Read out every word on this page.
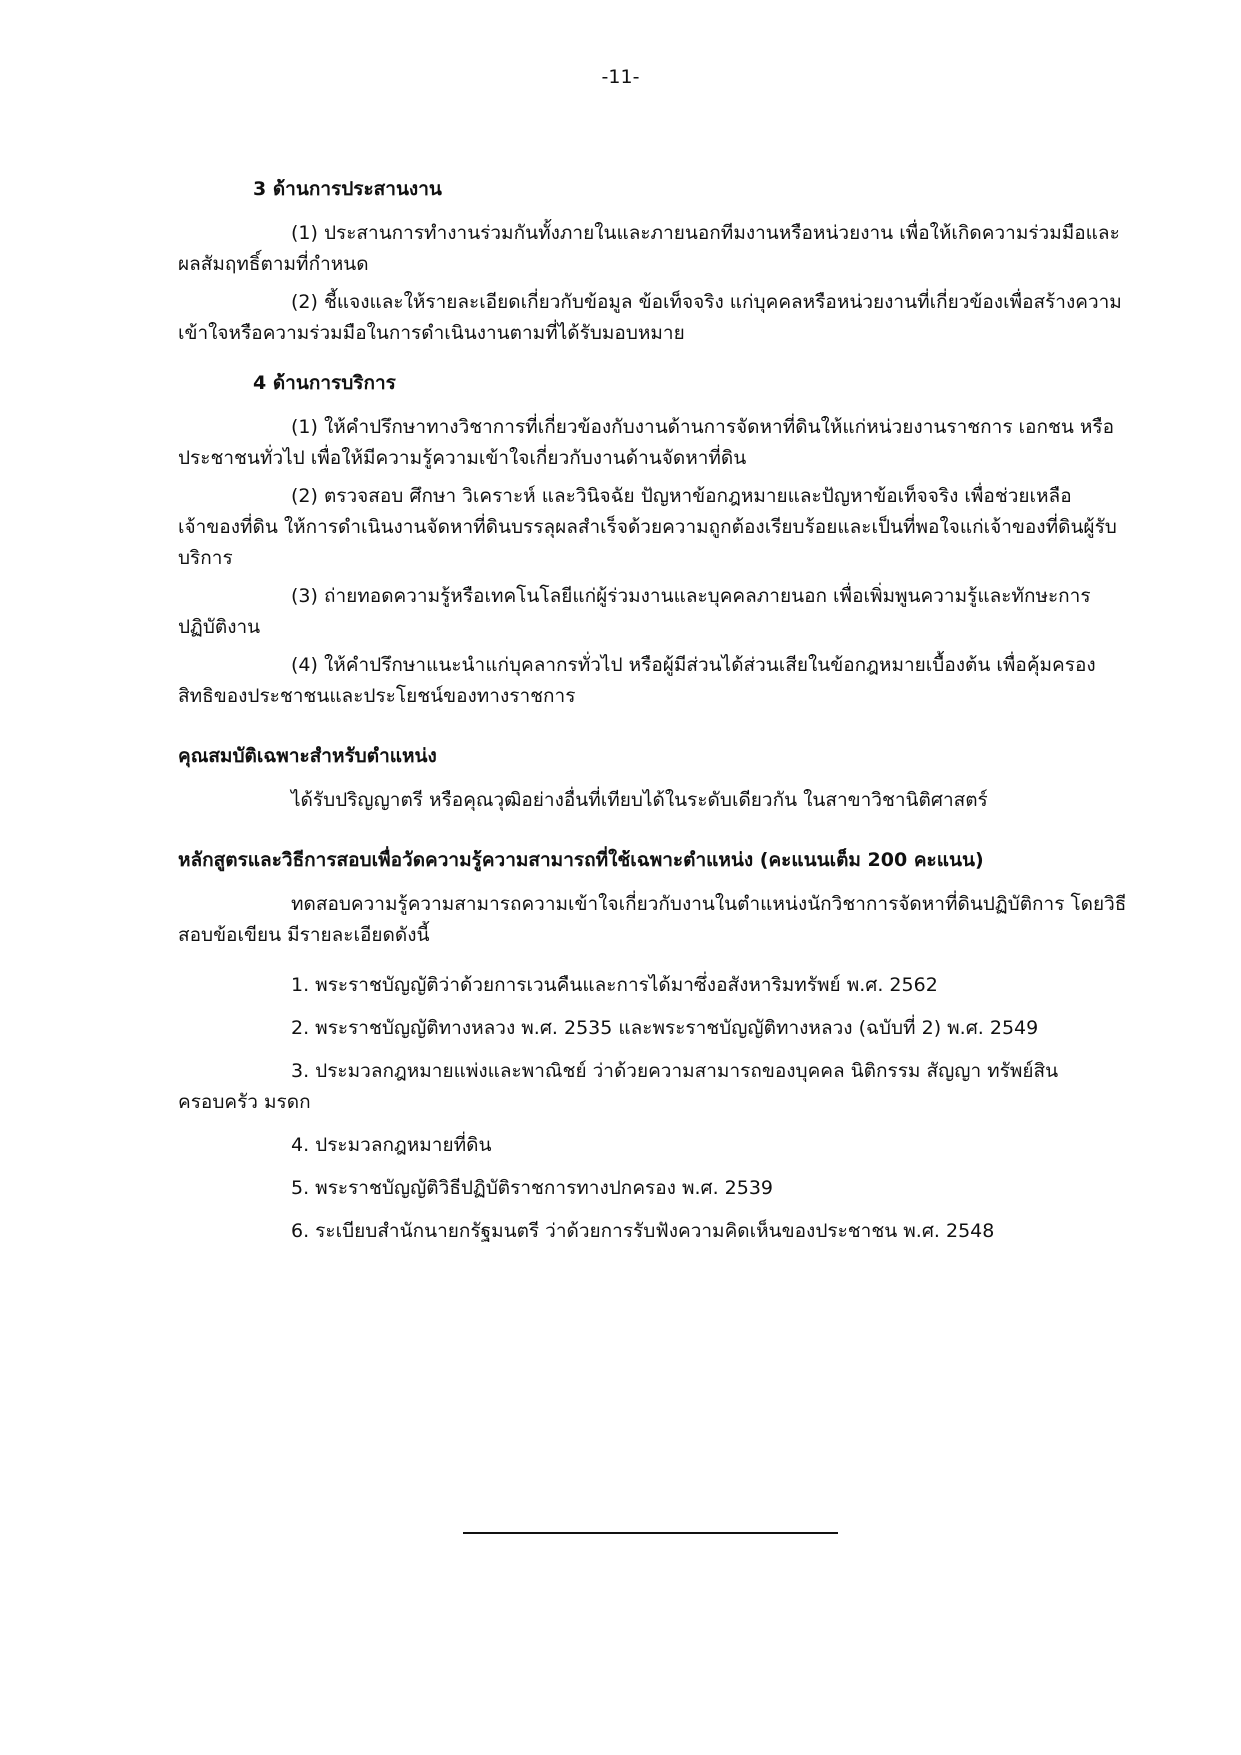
-11-
3 ด้านการประสานงาน
(1) ประสานการทำงานร่วมกันทั้งภายในและภายนอกทีมงานหรือหน่วยงาน เพื่อให้เกิดความร่วมมือและผลสัมฤทธิ์ตามที่กำหนด
(2) ชี้แจงและให้รายละเอียดเกี่ยวกับข้อมูล ข้อเท็จจริง แก่บุคคลหรือหน่วยงานที่เกี่ยวข้องเพื่อสร้างความเข้าใจหรือความร่วมมือในการดำเนินงานตามที่ได้รับมอบหมาย
4 ด้านการบริการ
(1) ให้คำปรึกษาทางวิชาการที่เกี่ยวข้องกับงานด้านการจัดหาที่ดินให้แก่หน่วยงานราชการ เอกชน หรือประชาชนทั่วไป เพื่อให้มีความรู้ความเข้าใจเกี่ยวกับงานด้านจัดหาที่ดิน
(2) ตรวจสอบ ศึกษา วิเคราะห์ และวินิจฉัย ปัญหาข้อกฎหมายและปัญหาข้อเท็จจริง เพื่อช่วยเหลือเจ้าของที่ดิน ให้การดำเนินงานจัดหาที่ดินบรรลุผลสำเร็จด้วยความถูกต้องเรียบร้อยและเป็นที่พอใจแก่เจ้าของที่ดินผู้รับบริการ
(3) ถ่ายทอดความรู้หรือเทคโนโลยีแก่ผู้ร่วมงานและบุคคลภายนอก เพื่อเพิ่มพูนความรู้และทักษะการปฏิบัติงาน
(4) ให้คำปรึกษาแนะนำแก่บุคลากรทั่วไป หรือผู้มีส่วนได้ส่วนเสียในข้อกฎหมายเบื้องต้น เพื่อคุ้มครองสิทธิของประชาชนและประโยชน์ของทางราชการ
คุณสมบัติเฉพาะสำหรับตำแหน่ง
ได้รับปริญญาตรี หรือคุณวุฒิอย่างอื่นที่เทียบได้ในระดับเดียวกัน ในสาขาวิชานิติศาสตร์
หลักสูตรและวิธีการสอบเพื่อวัดความรู้ความสามารถที่ใช้เฉพาะตำแหน่ง (คะแนนเต็ม 200 คะแนน)
ทดสอบความรู้ความสามารถความเข้าใจเกี่ยวกับงานในตำแหน่งนักวิชาการจัดหาที่ดินปฏิบัติการ โดยวิธีสอบข้อเขียน มีรายละเอียดดังนี้
1. พระราชบัญญัติว่าด้วยการเวนคืนและการได้มาซึ่งอสังหาริมทรัพย์ พ.ศ. 2562
2. พระราชบัญญัติทางหลวง พ.ศ. 2535 และพระราชบัญญัติทางหลวง (ฉบับที่ 2) พ.ศ. 2549
3. ประมวลกฎหมายแพ่งและพาณิชย์ ว่าด้วยความสามารถของบุคคล นิติกรรม สัญญา ทรัพย์สิน ครอบครัว มรดก
4. ประมวลกฎหมายที่ดิน
5. พระราชบัญญัติวิธีปฏิบัติราชการทางปกครอง พ.ศ. 2539
6. ระเบียบสำนักนายกรัฐมนตรี ว่าด้วยการรับฟังความคิดเห็นของประชาชน พ.ศ. 2548
